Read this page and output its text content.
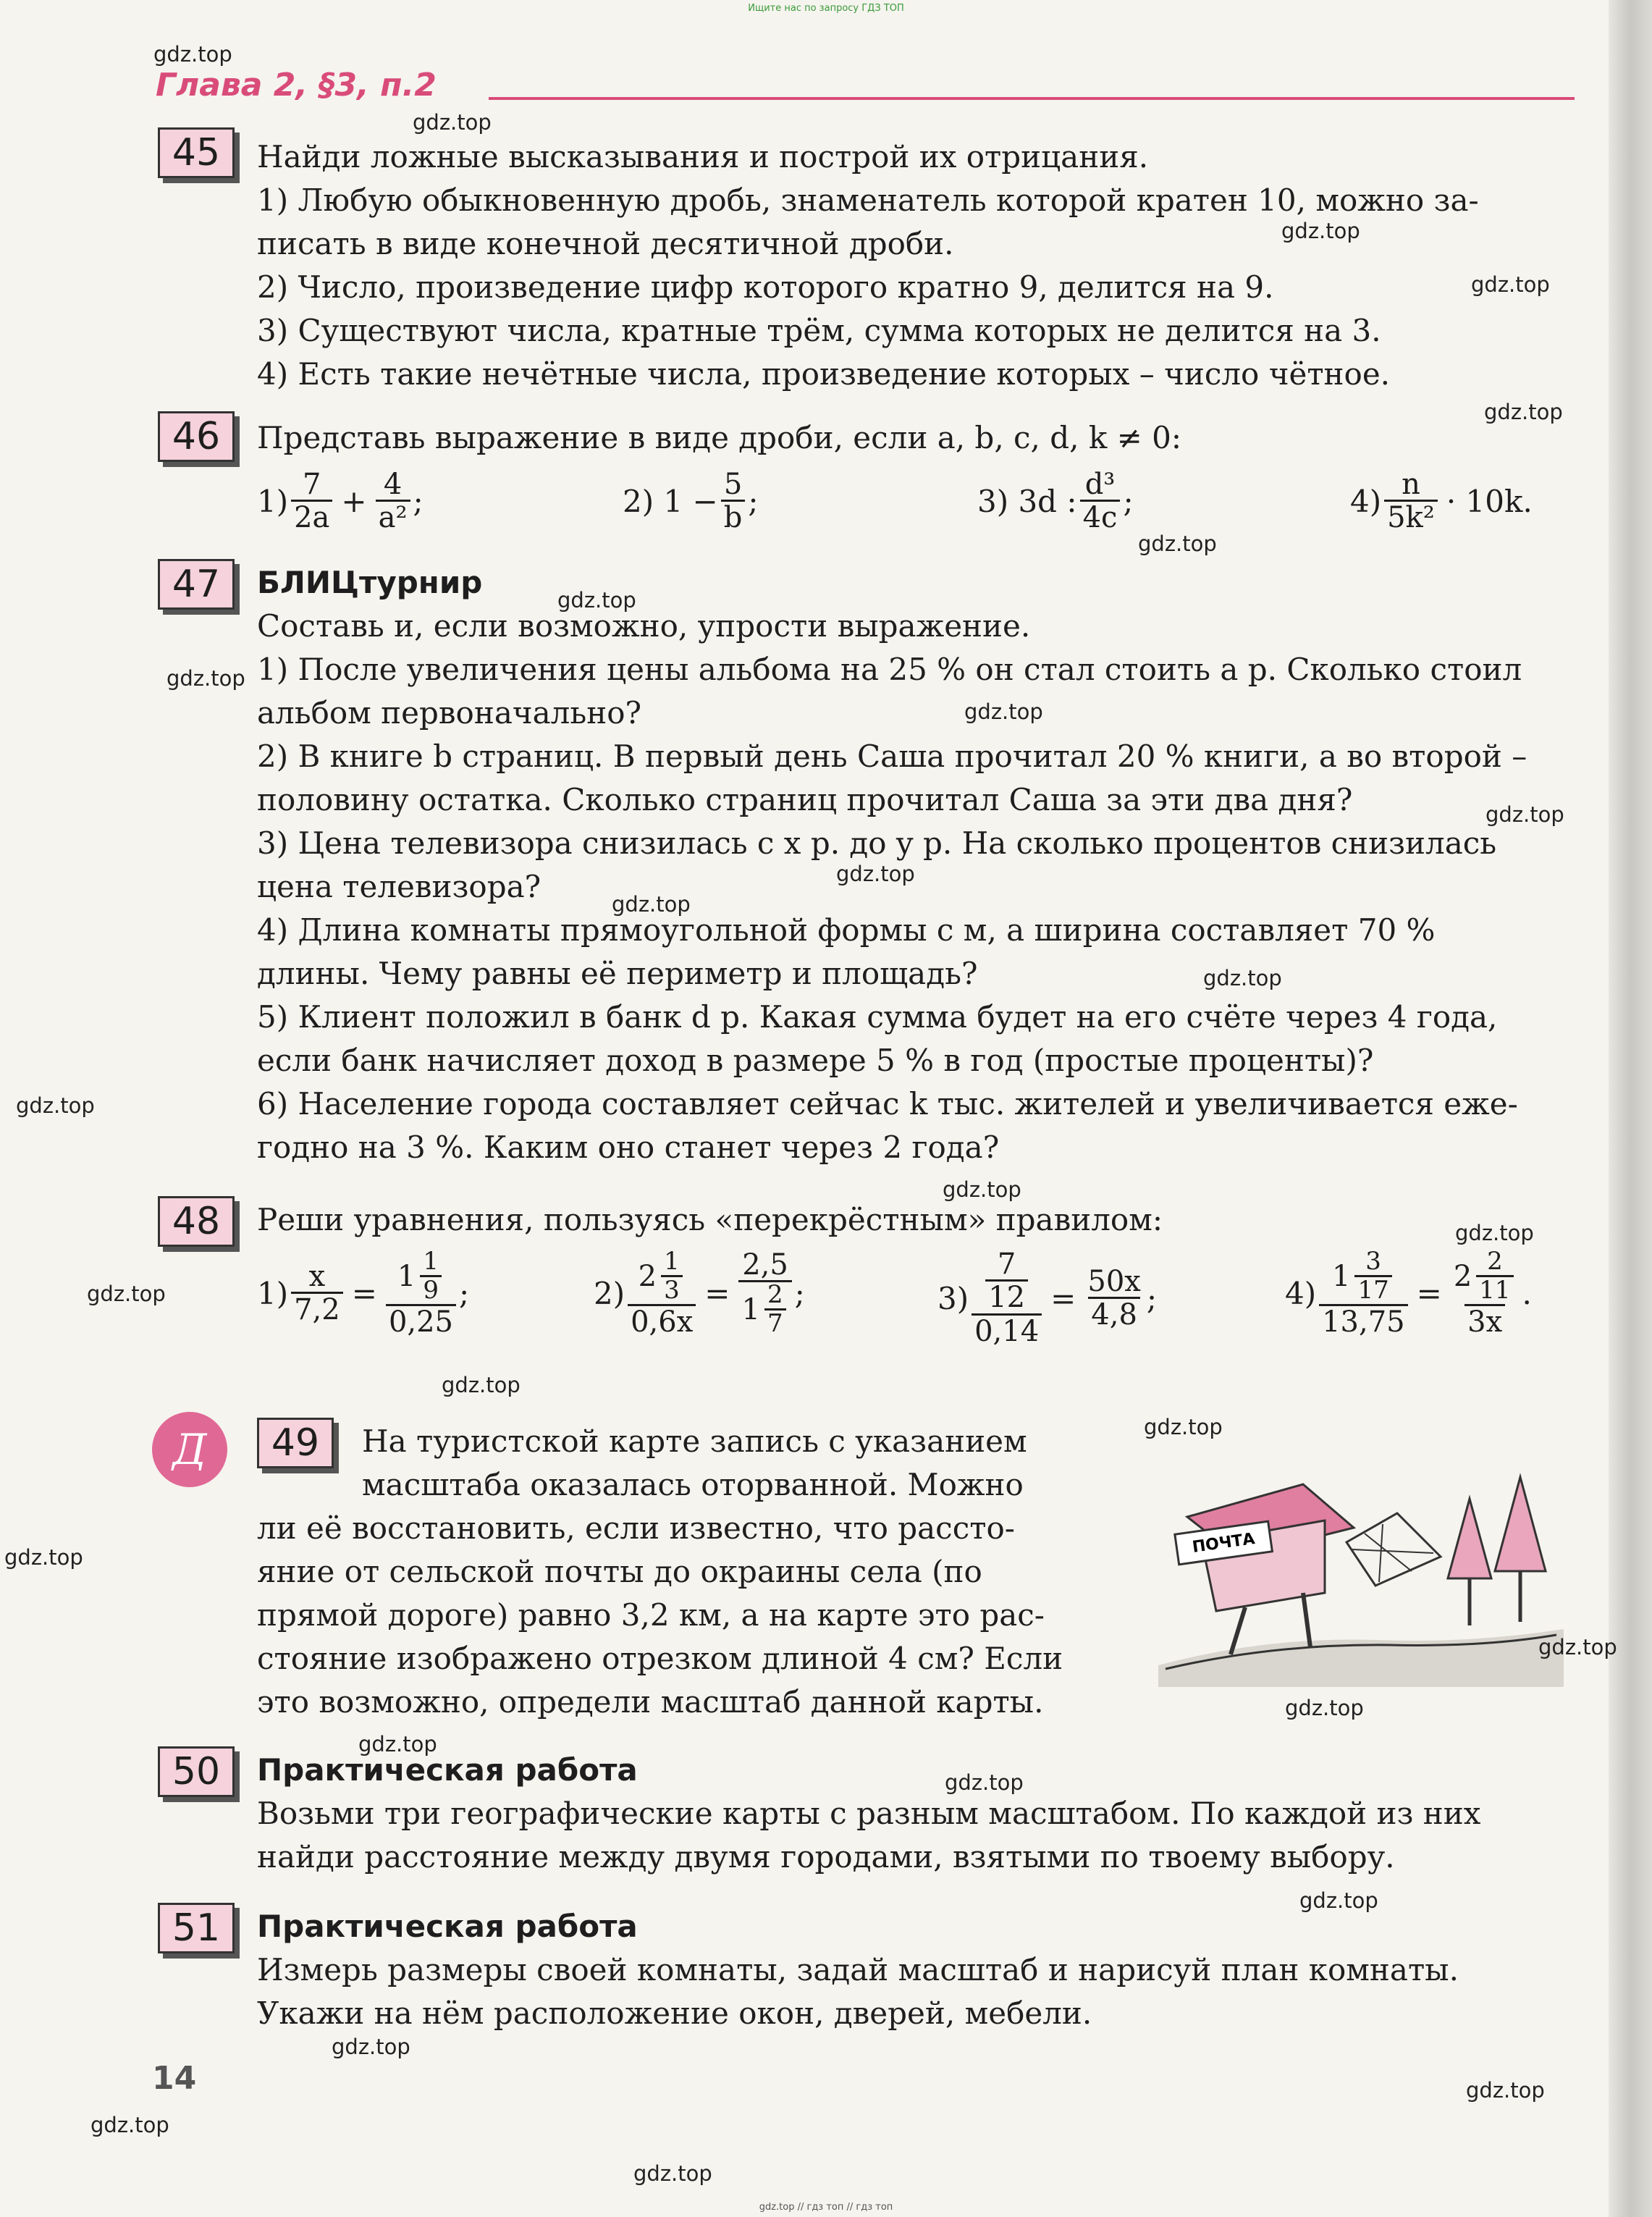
Ищите нас по запросу ГДЗ ТОП
Глава 2, §3, п.2
45	Найди ложные высказывания и построй их отрицания.
1) Любую обыкновенную дробь, знаменатель которой кратен 10, можно за-
писать в виде конечной десятичной дроби.
2) Число, произведение цифр которого кратно 9, делится на 9.
3) Существуют числа, кратные трём, сумма которых не делится на 3.
4) Есть такие нечётные числа, произведение которых – число чётное.
46	Представь выражение в виде дроби, если a, b, c, d, k ≠ 0:
$1) \frac{7}{2a} + \frac{4}{\text{a²}}$ ;	2) $1 - \frac{5}{b}$ ;	3) 3d : $\frac{\text{d³}}{4c}$ ;	$4) \frac{n}{\text{5k²}} \cdot 10k$.
47	БЛИЦтурнир
Составь и, если возможно, упрости выражение.
1) После увеличения цены альбома на 25 % он стал стоить a р. Сколько стоил
альбом первоначально?
2) В книге b страниц. В первый день Саша прочитал 20 % книги, а во второй –
половину остатка. Сколько страниц прочитал Саша за эти два дня?
3) Цена телевизора снизилась с x р. до y р. На сколько процентов снизилась
цена телевизора?
4) Длина комнаты прямоугольной формы c м, а ширина составляет 70 %
длины. Чему равны её периметр и площадь?
5) Клиент положил в банк d р. Какая сумма будет на его счёте через 4 года,
если банк начисляет доход в размере 5 % в год (простые проценты)?
6) Население города составляет сейчас k тыс. жителей и увеличивается еже-
годно на 3 %. Каким оно станет через 2 года?
48	Реши уравнения, пользуясь «перекрёстным» правилом:
$1) \frac{x}{7,2} = \frac{1 \frac{1}{9}}{0,25}$ ;	$2) \frac{2 \frac{1}{3}}{0,6x} = \frac{2,5}{1 \frac{2}{7}}$ ;	$3) \frac{\frac{7}{12}}{0,14} = \frac{50x}{4,8}$ ;	$4) \frac{1 \frac{3}{17}}{13,75} = \frac{2 \frac{2}{11}}{3x}$ .
Д	49	На туристской карте запись с указанием
масштаба оказалась оторванной. Можно
ли её восстановить, если известно, что рассто-
яние от сельской почты до окраины села (по
прямой дороге) равно 3,2 км, а на карте это рас-
стояние изображено отрезком длиной 4 см? Если
это возможно, определи масштаб данной карты.
ПОЧТА
50	Практическая работа
Возьми три географические карты с разным масштабом. По каждой из них
найди расстояние между двумя городами, взятыми по твоему выбору.
51	Практическая работа
Измерь размеры своей комнаты, задай масштаб и нарисуй план комнаты.
Укажи на нём расположение окон, дверей, мебели.
14
gdz.top
gdz.top
gdz.top
gdz.top
gdz.top
gdz.top
gdz.top
gdz.top
gdz.top
gdz.top
gdz.top
gdz.top
gdz.top
gdz.top
gdz.top
gdz.top
gdz.top
gdz.top
gdz.top
gdz.top
gdz.top
gdz.top
gdz.top
gdz.top
gdz.top
gdz.top
gdz.top
gdz.top
gdz.top
gdz.top // гдз топ // гдз топ
